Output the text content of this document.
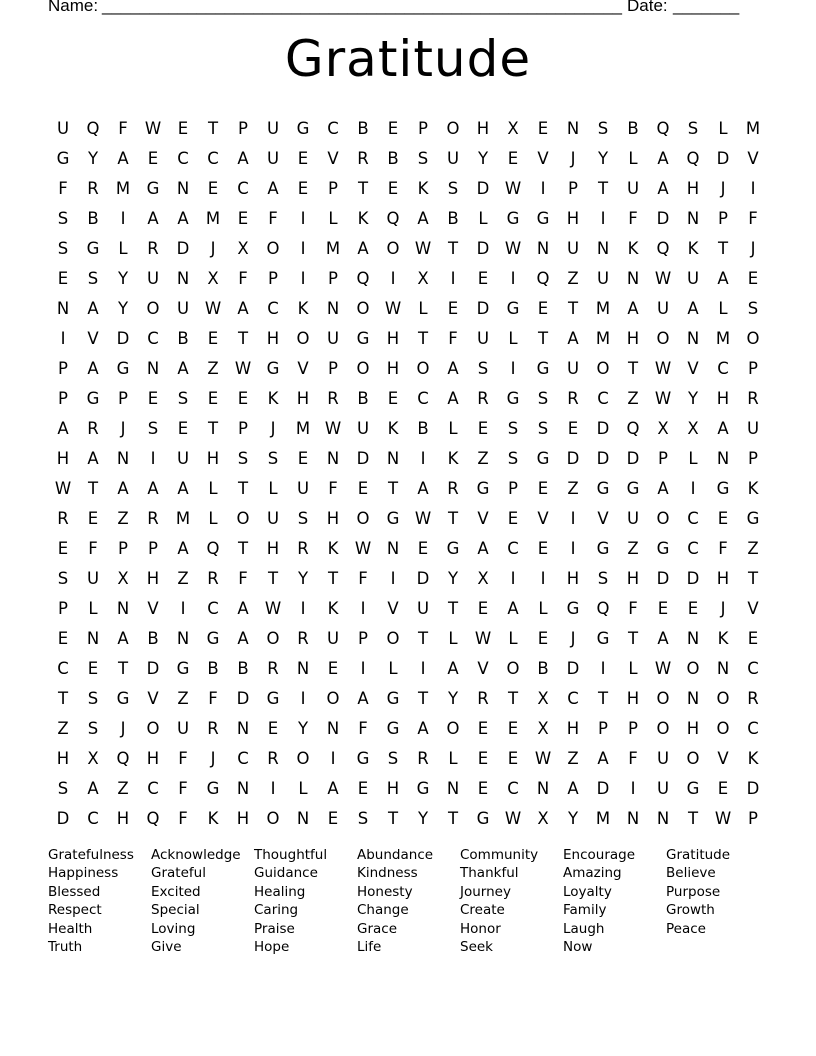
Name: _______________________________________________________ Date: _______
Gratitude
U	Q	F	W	E	T	P	U	G	C	B	E	P	O	H	X	E	N	S	B	Q	S	L	M
G	Y	A	E	C	C	A	U	E	V	R	B	S	U	Y	E	V	J	Y	L	A	Q	D	V
F	R	M G	N	E	C	A	E	P	T	E	K	S	D W	I	P	T	U	A	H	J	I
S	B	I	A	A	M	E	F	I	L	K	Q	A	B	L	G	G	H	I	F	D	N	P	F
S	G	L	R	D	J	X	O	I	M	A	O W	T	D W N	U	N	K	Q	K	T	J
E	S	Y	U	N	X	F	P	I	P	Q	I	X	I	E	I	Q	Z	U	N W U	A	E
N	A	Y	O	U W A	C	K	N	O W	L	E	D	G	E	T	M	A	U	A	L	S
I	V	D	C	B	E	T	H	O	U	G	H	T	F	U	L	T	A	M	H	O	N	M O
P	A	G	N	A	Z W G	V	P	O	H	O	A	S	I	G	U	O	T	W V	C	P
P	G	P	E	S	E	E	K	H	R	B	E	C	A	R	G	S	R	C	Z W	Y	H	R
A	R	J	S	E	T	P	J	M W U	K	B	L	E	S	S	E	D	Q	X	X	A	U
H	A	N	I	U	H	S	S	E	N	D	N	I	K	Z	S	G	D	D	D	P	L	N	P
W	T	A	A	A	L	T	L	U	F	E	T	A	R	G	P	E	Z	G	G	A	I	G	K
R	E	Z	R	M	L	O	U	S	H	O	G W	T	V	E	V	I	V	U	O	C	E	G
E	F	P	P	A	Q	T	H	R	K W N	E	G	A	C	E	I	G	Z	G	C	F	Z
S	U	X	H	Z	R	F	T	Y	T	F	I	D	Y	X	I	I	H	S	H	D	D	H	T
P	L	N	V	I	C	A W	I	K	I	V	U	T	E	A	L	G	Q	F	E	E	J	V
E	N	A	B	N	G	A	O	R	U	P	O	T	L	W	L	E	J	G	T	A	N	K	E
C	E	T	D	G	B	B	R	N	E	I	L	I	A	V	O	B	D	I	L	W O	N	C
T	S	G	V	Z	F	D	G	I	O	A	G	T	Y	R	T	X	C	T	H	O	N	O	R
Z	S	J	O	U	R	N	E	Y	N	F	G	A	O	E	E	X	H	P	P	O	H	O	C
H	X	Q	H	F	J	C	R	O	I	G	S	R	L	E	E	W Z	A	F	U	O	V	K
S	A	Z	C	F	G	N	I	L	A	E	H	G	N	E	C	N	A	D	I	U	G	E	D
D	C	H	Q	F	K	H	O	N	E	S	T	Y	T	G W X	Y	M	N	N	T	W	P
Gratefulness	Acknowledge Thoughtful	Abundance	Community	Encourage	Gratitude
Happiness	Grateful	Guidance	Kindness	Thankful	Amazing	Believe
Blessed	Excited	Healing	Honesty	Journey	Loyalty	Purpose
Respect	Special	Caring	Change	Create	Family	Growth
Health	Loving	Praise	Grace	Honor	Laugh	Peace
Truth	Give	Hope	Life	Seek	Now
